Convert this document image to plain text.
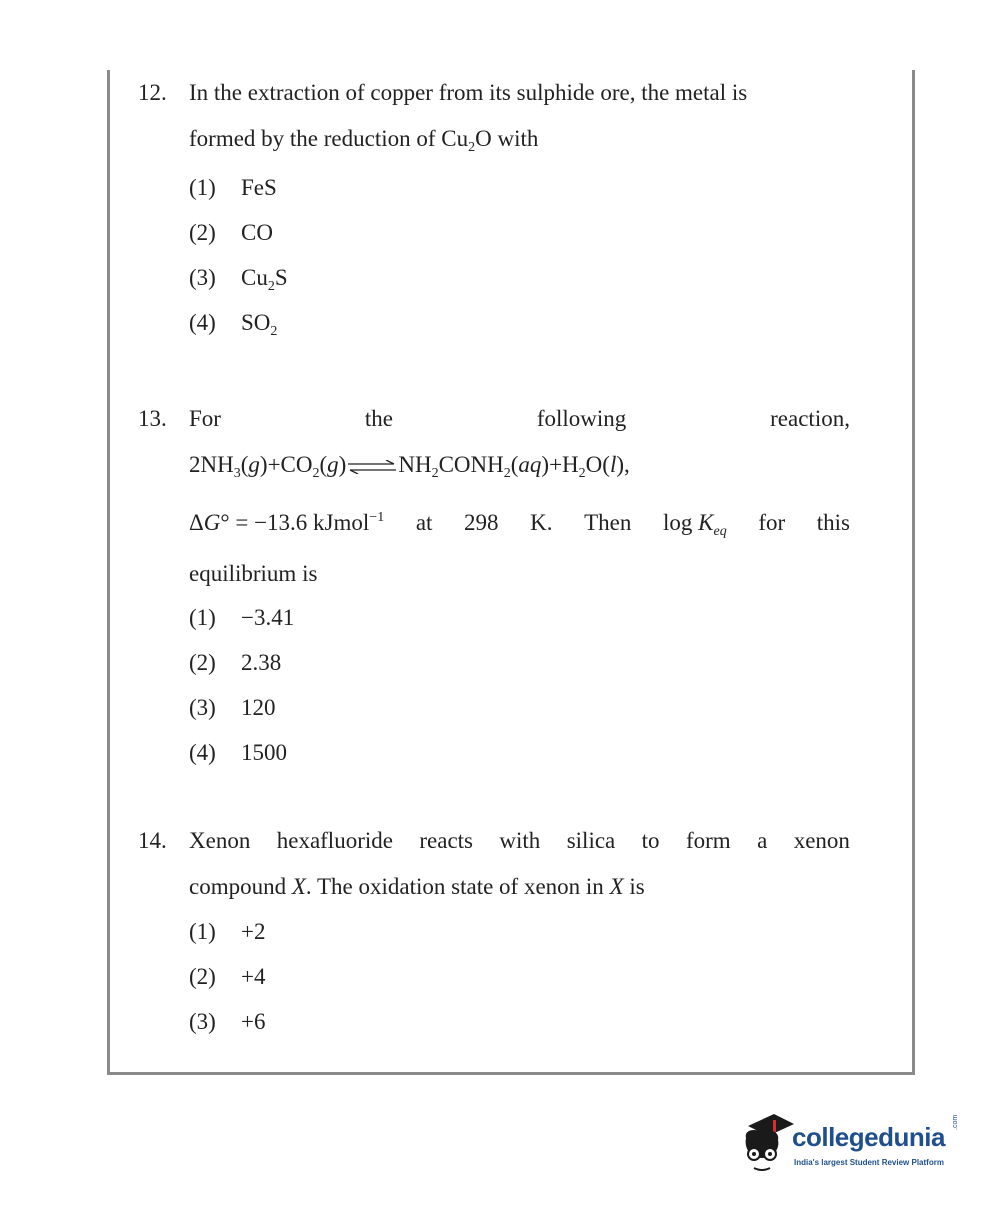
12. In the extraction of copper from its sulphide ore, the metal is
formed by the reduction of $Cu_2O$ with
(1) FeS
(2) CO
(3) $Cu_2S$
(4) $SO_2$
13. For	the	following	reaction,
$2NH_3(g)+CO_2(g)\rightleftharpoons NH_2CONH_2(aq)+H_2O(l)$,
ΔG° = −13.6 kJmol$^{-1}$ at 298 K. Then $\log K_{eq}$ for this
equilibrium is
(1) −3.41
(2) 2.38
(3) 120
(4) 1500
14. Xenon hexafluoride reacts with silica to form a xenon
compound X. The oxidation state of xenon in X is
(1) +2
(2) +4
(3) +6
collegedunia .com
India's largest Student Review Platform
